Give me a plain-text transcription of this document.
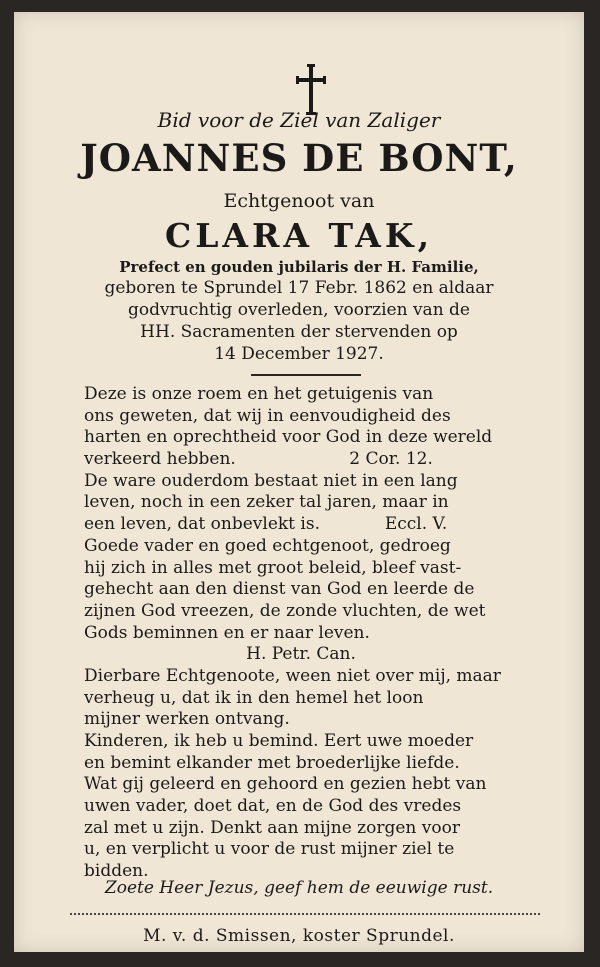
Bid voor de Ziel van Zaliger
JOANNES DE BONT,
Echtgenoot van
CLARA TAK,
Prefect en gouden jubilaris der H. Familie,
geboren te Sprundel 17 Febr. 1862 en aldaar
godvruchtig overleden, voorzien van de
HH. Sacramenten der stervenden op
14 December 1927.
Deze is onze roem en het getuigenis van
ons geweten, dat wij in eenvoudigheid des
harten en oprechtheid voor God in deze wereld
verkeerd hebben.                     2 Cor. 12.
De ware ouderdom bestaat niet in een lang
leven, noch in een zeker tal jaren, maar in
een leven, dat onbevlekt is.            Eccl. V.
Goede vader en goed echtgenoot, gedroeg
hij zich in alles met groot beleid, bleef vast-
gehecht aan den dienst van God en leerde de
zijnen God vreezen, de zonde vluchten, de wet
Gods beminnen en er naar leven.
H. Petr. Can.
Dierbare Echtgenoote, ween niet over mij, maar
verheug u, dat ik in den hemel het loon
mijner werken ontvang.
Kinderen, ik heb u bemind. Eert uwe moeder
en bemint elkander met broederlijke liefde.
Wat gij geleerd en gehoord en gezien hebt van
uwen vader, doet dat, en de God des vredes
zal met u zijn. Denkt aan mijne zorgen voor
u, en verplicht u voor de rust mijner ziel te
bidden.
Zoete Heer Jezus, geef hem de eeuwige rust.
M. v. d. Smissen, koster Sprundel.
